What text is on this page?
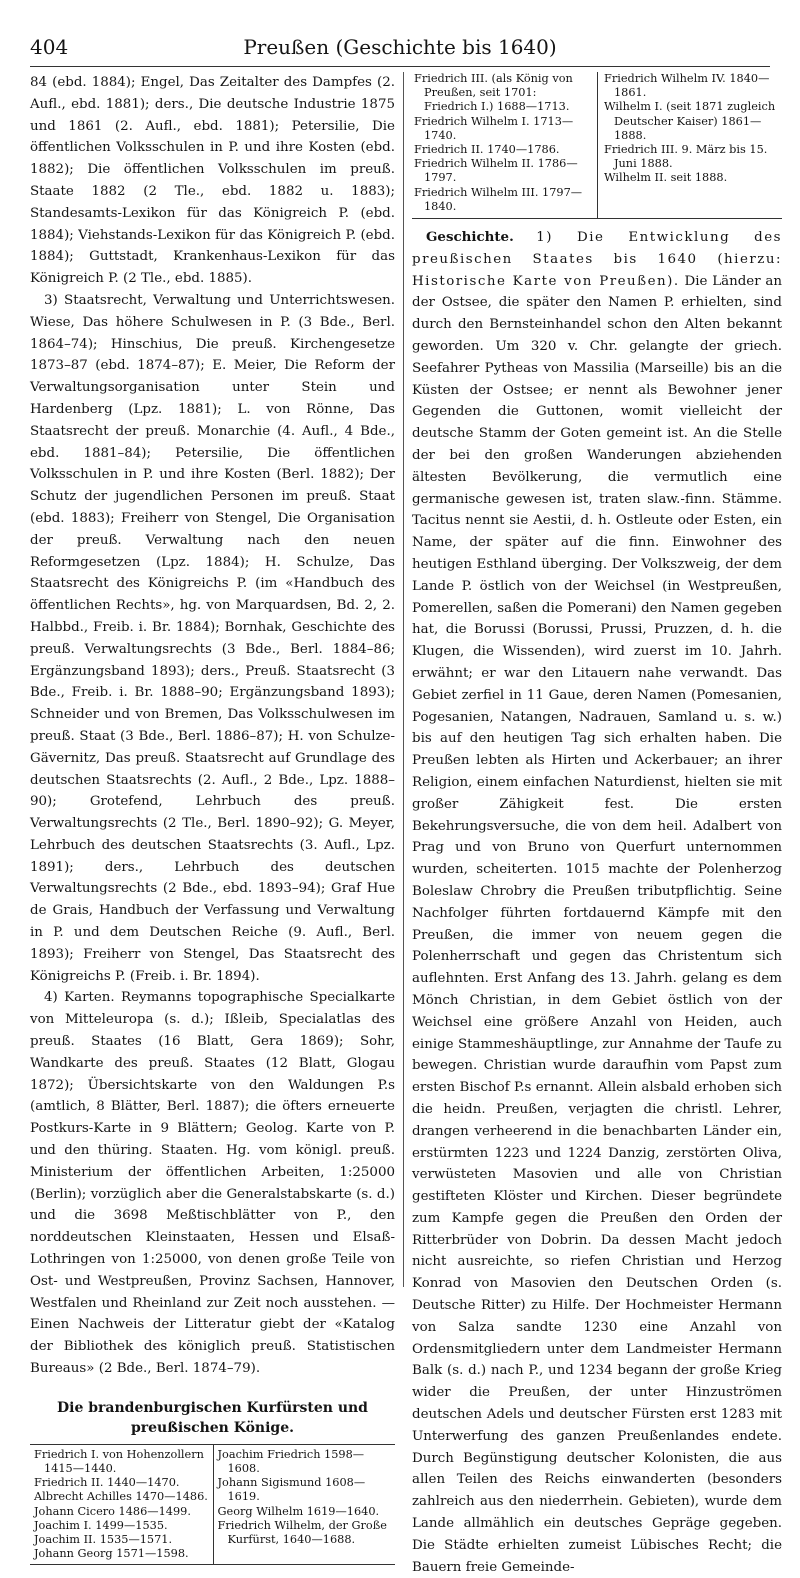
404	Preußen (Geschichte bis 1640)

84 (ebd. 1884); Engel, Das Zeitalter des Dampfes (2. Aufl., ebd. 1881); ders., Die deutsche Industrie 1875 und 1861 (2. Aufl., ebd. 1881); Petersilie, Die öffentlichen Volksschulen in P. und ihre Kosten (ebd. 1882); Die öffentlichen Volksschulen im preuß. Staate 1882 (2 Tle., ebd. 1882 u. 1883); Standesamts-Lexikon für das Königreich P. (ebd. 1884); Viehstands-Lexikon für das Königreich P. (ebd. 1884); Guttstadt, Krankenhaus-Lexikon für das Königreich P. (2 Tle., ebd. 1885).

3) Staatsrecht, Verwaltung und Unterrichtswesen. Wiese, Das höhere Schulwesen in P. (3 Bde., Berl. 1864–74); Hinschius, Die preuß. Kirchengesetze 1873–87 (ebd. 1874–87); E. Meier, Die Reform der Verwaltungsorganisation unter Stein und Hardenberg (Lpz. 1881); L. von Rönne, Das Staatsrecht der preuß. Monarchie (4. Aufl., 4 Bde., ebd. 1881–84); Petersilie, Die öffentlichen Volksschulen in P. und ihre Kosten (Berl. 1882); Der Schutz der jugendlichen Personen im preuß. Staat (ebd. 1883); Freiherr von Stengel, Die Organisation der preuß. Verwaltung nach den neuen Reformgesetzen (Lpz. 1884); H. Schulze, Das Staatsrecht des Königreichs P. (im «Handbuch des öffentlichen Rechts», hg. von Marquardsen, Bd. 2, 2. Halbbd., Freib. i. Br. 1884); Bornhak, Geschichte des preuß. Verwaltungsrechts (3 Bde., Berl. 1884–86; Ergänzungsband 1893); ders., Preuß. Staatsrecht (3 Bde., Freib. i. Br. 1888–90; Ergänzungsband 1893); Schneider und von Bremen, Das Volksschulwesen im preuß. Staat (3 Bde., Berl. 1886–87); H. von Schulze-Gävernitz, Das preuß. Staatsrecht auf Grundlage des deutschen Staatsrechts (2. Aufl., 2 Bde., Lpz. 1888–90); Grotefend, Lehrbuch des preuß. Verwaltungsrechts (2 Tle., Berl. 1890–92); G. Meyer, Lehrbuch des deutschen Staatsrechts (3. Aufl., Lpz. 1891); ders., Lehrbuch des deutschen Verwaltungsrechts (2 Bde., ebd. 1893–94); Graf Hue de Grais, Handbuch der Verfassung und Verwaltung in P. und dem Deutschen Reiche (9. Aufl., Berl. 1893); Freiherr von Stengel, Das Staatsrecht des Königreichs P. (Freib. i. Br. 1894).

4) Karten. Reymanns topographische Specialkarte von Mitteleuropa (s. d.); Ißleib, Specialatlas des preuß. Staates (16 Blatt, Gera 1869); Sohr, Wandkarte des preuß. Staates (12 Blatt, Glogau 1872); Übersichtskarte von den Waldungen P.s (amtlich, 8 Blätter, Berl. 1887); die öfters erneuerte Postkurs-Karte in 9 Blättern; Geolog. Karte von P. und den thüring. Staaten. Hg. vom königl. preuß. Ministerium der öffentlichen Arbeiten, 1:25000 (Berlin); vorzüglich aber die Generalstabskarte (s. d.) und die 3698 Meßtischblätter von P., den norddeutschen Kleinstaaten, Hessen und Elsaß-Lothringen von 1:25000, von denen große Teile von Ost- und Westpreußen, Provinz Sachsen, Hannover, Westfalen und Rheinland zur Zeit noch ausstehen. — Einen Nachweis der Litteratur giebt der «Katalog der Bibliothek des königlich preuß. Statistischen Bureaus» (2 Bde., Berl. 1874–79).

Die brandenburgischen Kurfürsten und preußischen Könige.
Friedrich I. von Hohenzollern 1415—1440.
Friedrich II. 1440—1470.
Albrecht Achilles 1470—1486.
Johann Cicero 1486—1499.
Joachim I. 1499—1535.
Joachim II. 1535—1571.
Johann Georg 1571—1598.
Joachim Friedrich 1598—1608.
Johann Sigismund 1608—1619.
Georg Wilhelm 1619—1640.
Friedrich Wilhelm, der Große Kurfürst, 1640—1688.
Friedrich III. (als König von Preußen, seit 1701: Friedrich I.) 1688—1713.
Friedrich Wilhelm I. 1713—1740.
Friedrich II. 1740—1786.
Friedrich Wilhelm II. 1786—1797.
Friedrich Wilhelm III. 1797—1840.
Friedrich Wilhelm IV. 1840—1861.
Wilhelm I. (seit 1871 zugleich Deutscher Kaiser) 1861—1888.
Friedrich III. 9. März bis 15. Juni 1888.
Wilhelm II. seit 1888.

Geschichte. 1) Die Entwicklung des preußischen Staates bis 1640 (hierzu: Historische Karte von Preußen). Die Länder an der Ostsee, die später den Namen P. erhielten, sind durch den Bernsteinhandel schon den Alten bekannt geworden. Um 320 v. Chr. gelangte der griech. Seefahrer Pytheas von Massilia (Marseille) bis an die Küsten der Ostsee; er nennt als Bewohner jener Gegenden die Guttonen, womit vielleicht der deutsche Stamm der Goten gemeint ist. An die Stelle der bei den großen Wanderungen abziehenden ältesten Bevölkerung, die vermutlich eine germanische gewesen ist, traten slaw.-finn. Stämme. Tacitus nennt sie Aestii, d. h. Ostleute oder Esten, ein Name, der später auf die finn. Einwohner des heutigen Esthland überging. Der Volkszweig, der dem Lande P. östlich von der Weichsel (in Westpreußen, Pomerellen, saßen die Pomerani) den Namen gegeben hat, die Borussi (Borussi, Prussi, Pruzzen, d. h. die Klugen, die Wissenden), wird zuerst im 10. Jahrh. erwähnt; er war den Litauern nahe verwandt. Das Gebiet zerfiel in 11 Gaue, deren Namen (Pomesanien, Pogesanien, Natangen, Nadrauen, Samland u. s. w.) bis auf den heutigen Tag sich erhalten haben. Die Preußen lebten als Hirten und Ackerbauer; an ihrer Religion, einem einfachen Naturdienst, hielten sie mit großer Zähigkeit fest. Die ersten Bekehrungsversuche, die von dem heil. Adalbert von Prag und von Bruno von Querfurt unternommen wurden, scheiterten. 1015 machte der Polenherzog Boleslaw Chrobry die Preußen tributpflichtig. Seine Nachfolger führten fortdauernd Kämpfe mit den Preußen, die immer von neuem gegen die Polenherrschaft und gegen das Christentum sich auflehnten. Erst Anfang des 13. Jahrh. gelang es dem Mönch Christian, in dem Gebiet östlich von der Weichsel eine größere Anzahl von Heiden, auch einige Stammeshäuptlinge, zur Annahme der Taufe zu bewegen. Christian wurde daraufhin vom Papst zum ersten Bischof P.s ernannt. Allein alsbald erhoben sich die heidn. Preußen, verjagten die christl. Lehrer, drangen verheerend in die benachbarten Länder ein, erstürmten 1223 und 1224 Danzig, zerstörten Oliva, verwüsteten Masovien und alle von Christian gestifteten Klöster und Kirchen. Dieser begründete zum Kampfe gegen die Preußen den Orden der Ritterbrüder von Dobrin. Da dessen Macht jedoch nicht ausreichte, so riefen Christian und Herzog Konrad von Masovien den Deutschen Orden (s. Deutsche Ritter) zu Hilfe. Der Hochmeister Hermann von Salza sandte 1230 eine Anzahl von Ordensmitgliedern unter dem Landmeister Hermann Balk (s. d.) nach P., und 1234 begann der große Krieg wider die Preußen, der unter Hinzuströmen deutschen Adels und deutscher Fürsten erst 1283 mit Unterwerfung des ganzen Preußenlandes endete. Durch Begünstigung deutscher Kolonisten, die aus allen Teilen des Reichs einwanderten (besonders zahlreich aus den niederrhein. Gebieten), wurde dem Lande allmählich ein deutsches Gepräge gegeben. Die Städte erhielten zumeist Lübisches Recht; die Bauern freie Gemeinde-
